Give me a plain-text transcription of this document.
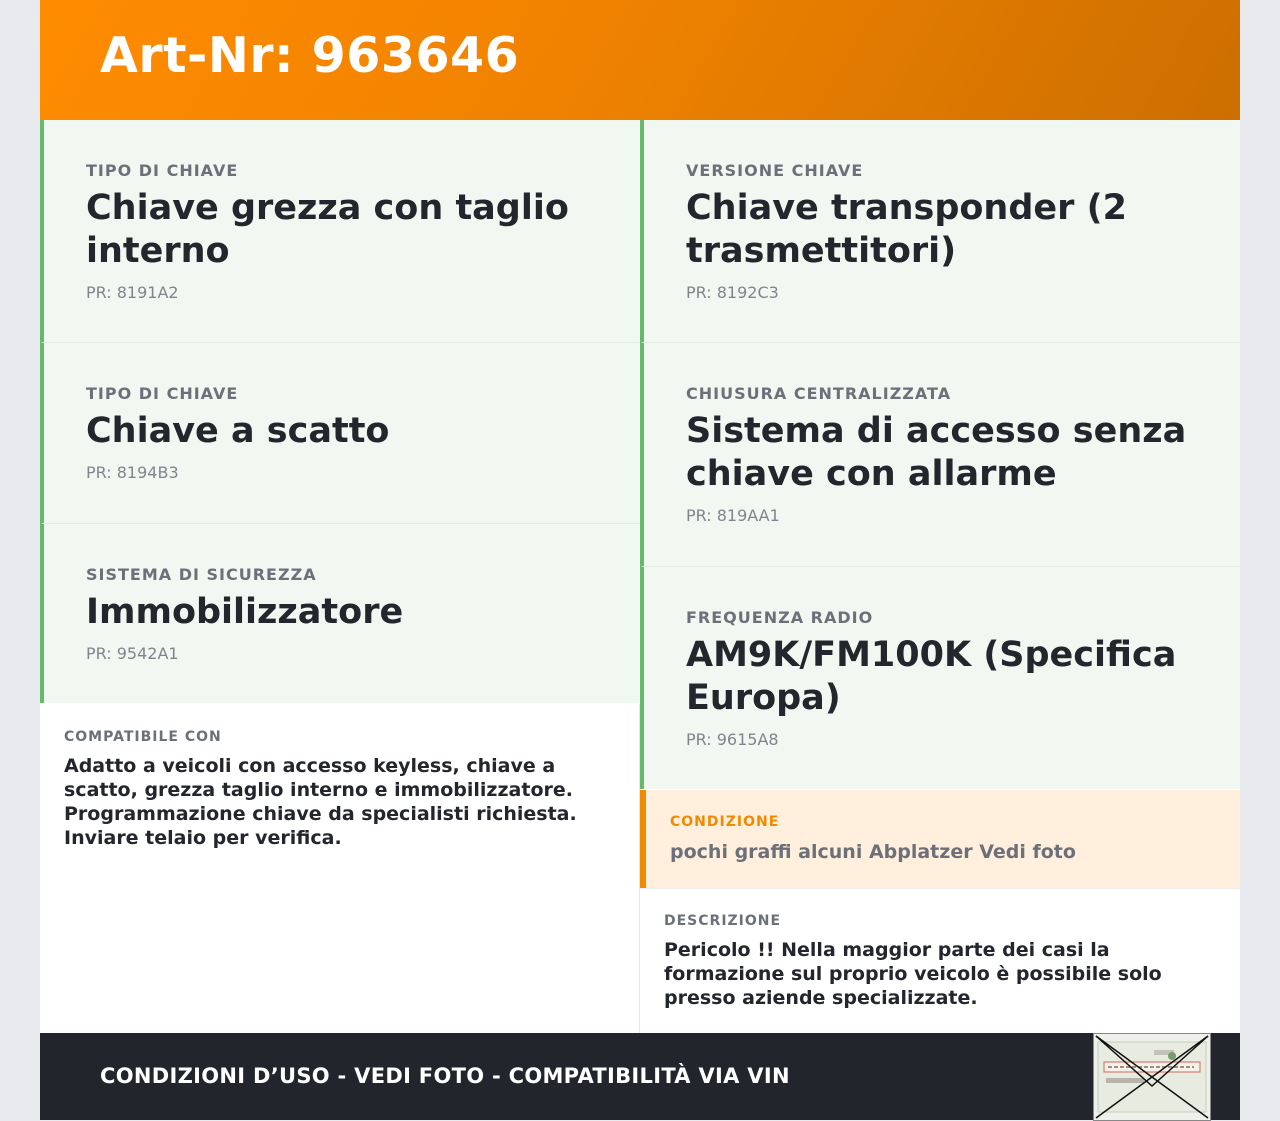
Art-Nr: 963646
TIPO DI CHIAVE
Chiave grezza con taglio interno
PR: 8191A2
TIPO DI CHIAVE
Chiave a scatto
PR: 8194B3
SISTEMA DI SICUREZZA
Immobilizzatore
PR: 9542A1
COMPATIBILE CON

Adatto a veicoli con accesso keyless, chiave a scatto, grezza taglio interno e immobilizzatore. Programmazione chiave da specialisti richiesta. Inviare telaio per verifica.

VERSIONE CHIAVE
Chiave transponder (2 trasmettitori)
PR: 8192C3
CHIUSURA CENTRALIZZATA
Sistema di accesso senza chiave con allarme
PR: 819AA1
FREQUENZA RADIO
AM9K/FM100K (Specifica Europa)
PR: 9615A8
CONDIZIONE

pochi graffi alcuni Abplatzer Vedi foto

DESCRIZIONE

Pericolo !! Nella maggior parte dei casi la formazione sul proprio veicolo è possibile solo presso aziende specializzate.

CONDIZIONI D’USO - VEDI FOTO - COMPATIBILITÀ VIA VIN
